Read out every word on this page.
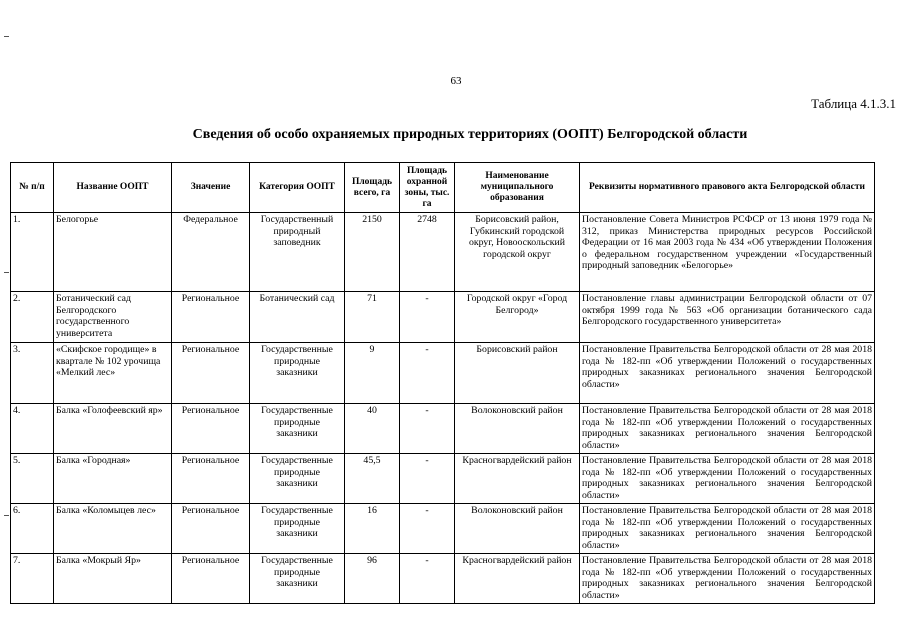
63
Таблица 4.1.3.1
Сведения об особо охраняемых природных территориях (ООПТ) Белгородской области
№ п/п	Название ООПТ	Значение	Категория ООПТ	Площадь всего, га	Площадь охранной зоны, тыс. га	Наименование муниципального образования	Реквизиты нормативного правового акта Белгородской области
1.	Белогорье	Федеральное	Государственный природный заповедник	2150	2748	Борисовский район, Губкинский городской округ, Новооскольский городской округ	Постановление Совета Министров РСФСР от 13 июня 1979 года № 312, приказ Министерства природных ресурсов Российской Федерации от 16 мая 2003 года № 434 «Об утверждении Положения о федеральном государственном учреждении «Государственный природный заповедник «Белогорье»
2.	Ботанический сад Белгородского государственного университета	Региональное	Ботанический сад	71	-	Городской округ «Город Белгород»	Постановление главы администрации Белгородской области от 07 октября 1999 года № 563 «Об организации ботанического сада Белгородского государственного университета»
3.	«Скифское городище» в квартале № 102 урочища «Мелкий лес»	Региональное	Государственные природные заказники	9	-	Борисовский район	Постановление Правительства Белгородской области от 28 мая 2018 года № 182-пп «Об утверждении Положений о государственных природных заказниках регионального значения Белгородской области»
4.	Балка «Голофеевский яр»	Региональное	Государственные природные заказники	40	-	Волоконовский район	Постановление Правительства Белгородской области от 28 мая 2018 года № 182-пп «Об утверждении Положений о государственных природных заказниках регионального значения Белгородской области»
5.	Балка «Городная»	Региональное	Государственные природные заказники	45,5	-	Красногвардейский район	Постановление Правительства Белгородской области от 28 мая 2018 года № 182-пп «Об утверждении Положений о государственных природных заказниках регионального значения Белгородской области»
6.	Балка «Коломыцев лес»	Региональное	Государственные природные заказники	16	-	Волоконовский район	Постановление Правительства Белгородской области от 28 мая 2018 года № 182-пп «Об утверждении Положений о государственных природных заказниках регионального значения Белгородской области»
7.	Балка «Мокрый Яр»	Региональное	Государственные природные заказники	96	-	Красногвардейский район	Постановление Правительства Белгородской области от 28 мая 2018 года № 182-пп «Об утверждении Положений о государственных природных заказниках регионального значения Белгородской области»
